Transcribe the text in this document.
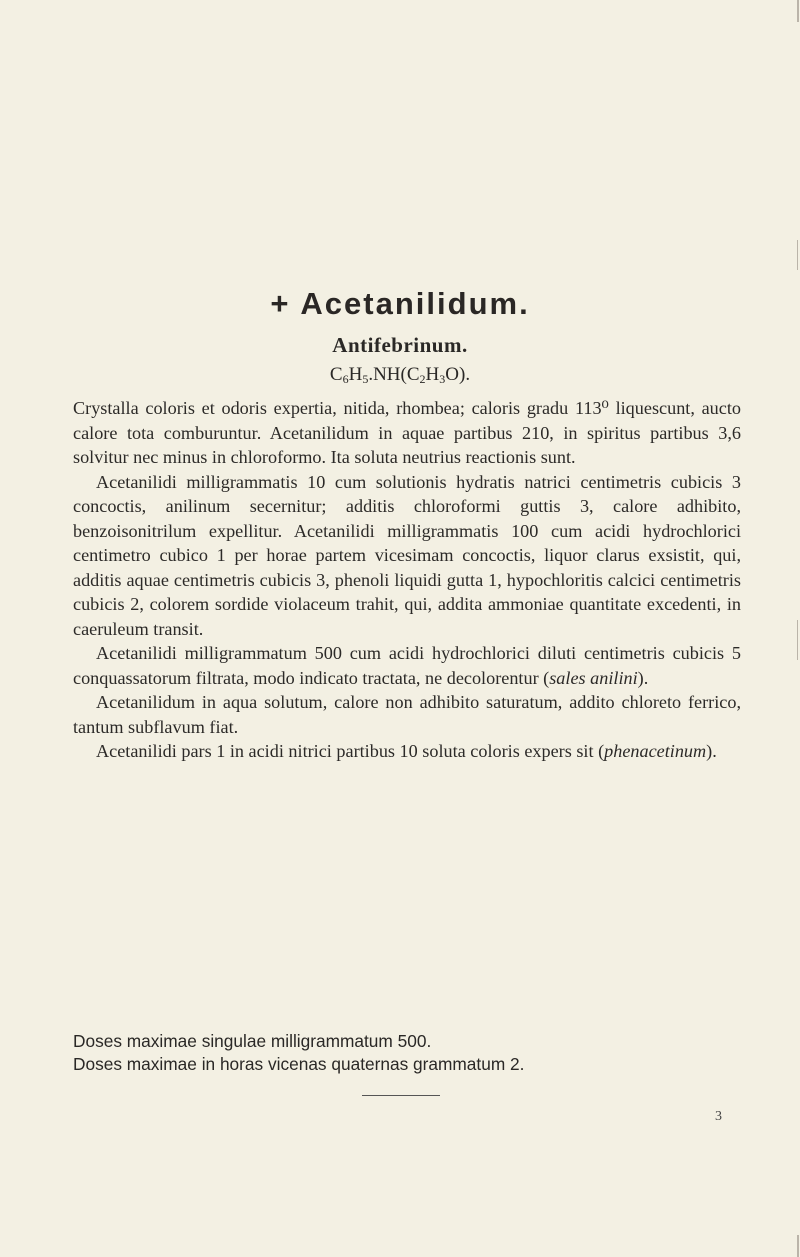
+ Acetanilidum.
Antifebrinum.
$C_6H_5.NH(C_2H_3O)$.

Crystalla coloris et odoris expertia, nitida, rhombea; caloris gradu 113⁰ liquescunt, aucto calore tota comburuntur. Acetanilidum in aquae partibus 210, in spiritus partibus 3,6 solvitur nec minus in chloroformo. Ita soluta neutrius reactionis sunt.

Acetanilidi milligrammatis 10 cum solutionis hydratis natrici centimetris cubicis 3 concoctis, anilinum secernitur; additis chloroformi guttis 3, calore adhibito, benzoisonitrilum expellitur. Acetanilidi milligrammatis 100 cum acidi hydrochlorici centimetro cubico 1 per horae partem vicesimam concoctis, liquor clarus exsistit, qui, additis aquae centimetris cubicis 3, phenoli liquidi gutta 1, hypochloritis calcici centimetris cubicis 2, colorem sordide violaceum trahit, qui, addita ammoniae quantitate excedenti, in caeruleum transit.

Acetanilidi milligrammatum 500 cum acidi hydrochlorici diluti centimetris cubicis 5 conquassatorum filtrata, modo indicato tractata, ne decolorentur (sales anilini).

Acetanilidum in aqua solutum, calore non adhibito saturatum, addito chloreto ferrico, tantum subflavum fiat.

Acetanilidi pars 1 in acidi nitrici partibus 10 soluta coloris expers sit (phenacetinum).

Doses maximae singulae milligrammatum 500.
Doses maximae in horas vicenas quaternas grammatum 2.
3
